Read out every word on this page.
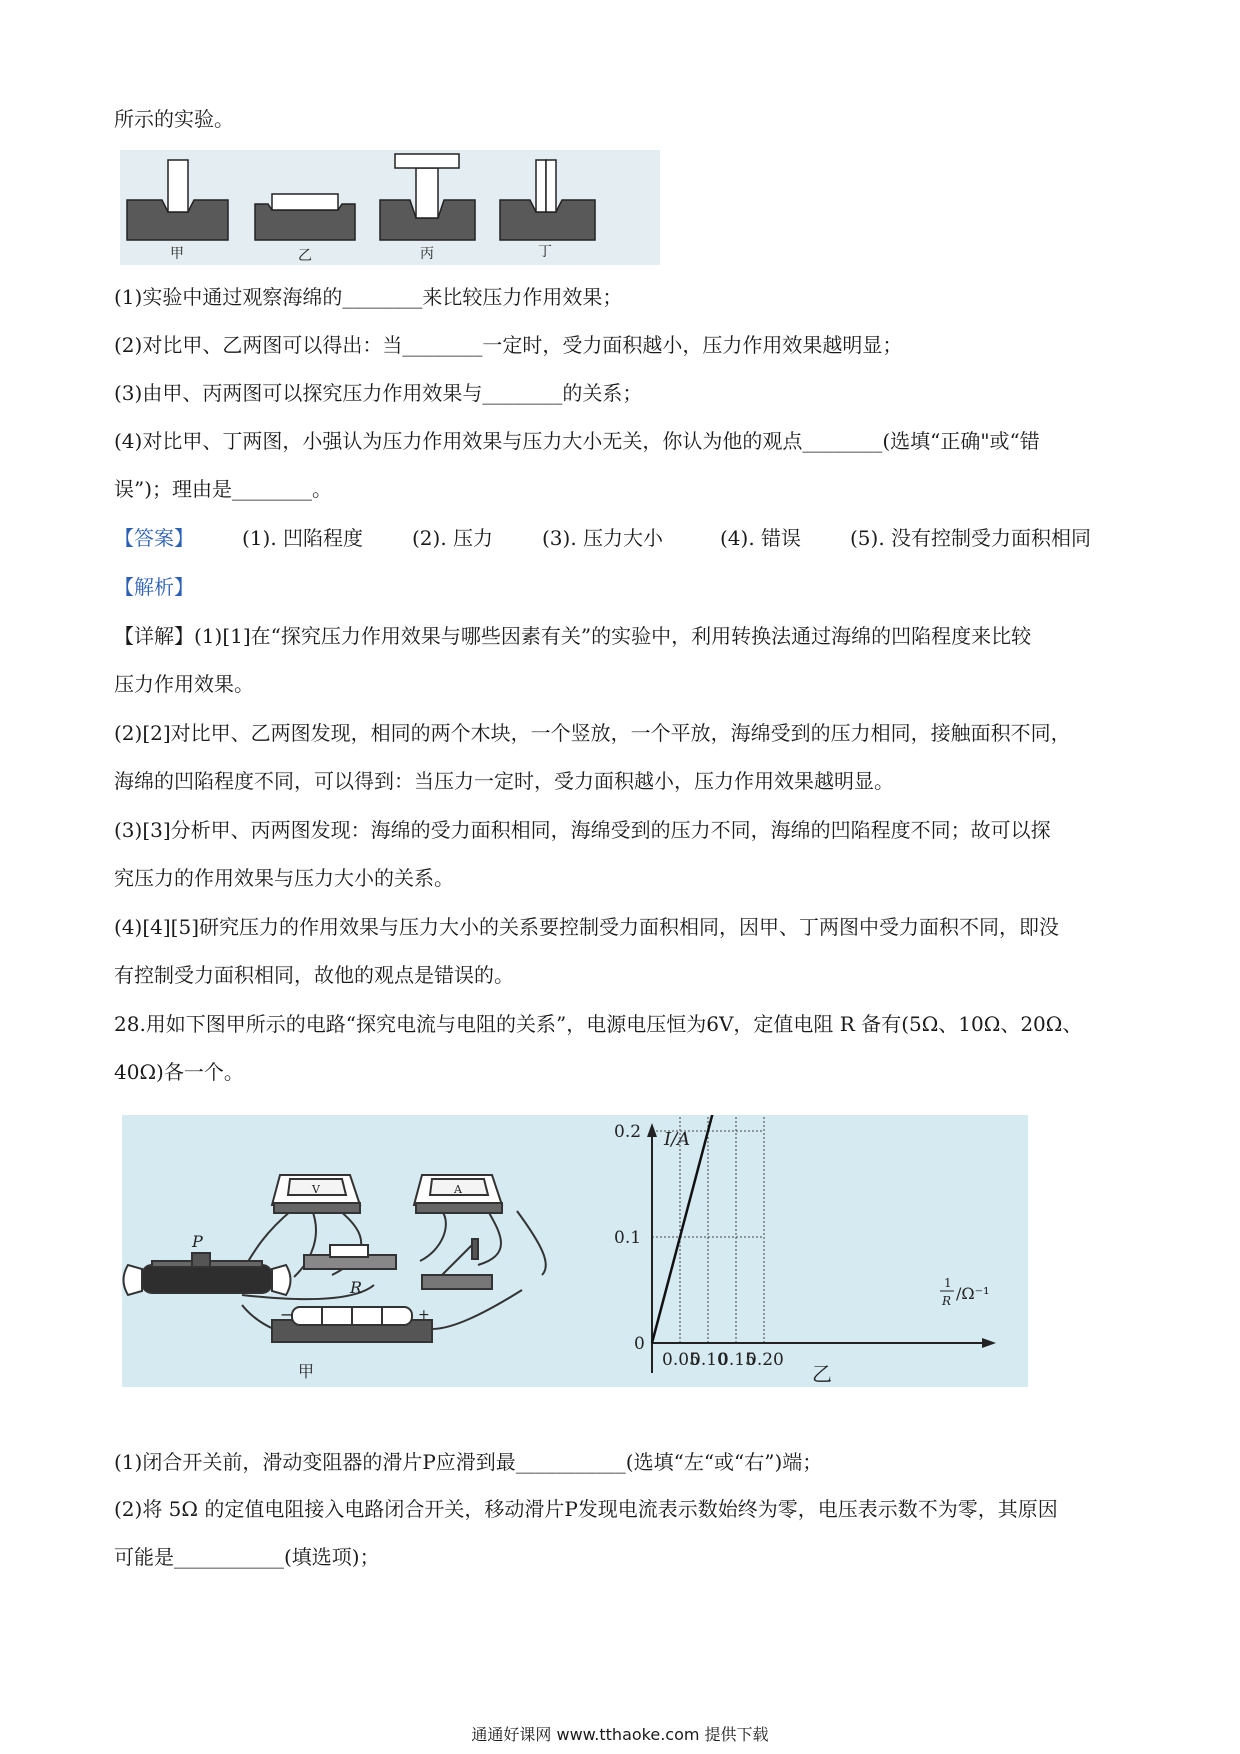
所示的实验。
甲	乙	丙	丁
(1)实验中通过观察海绵的________来比较压力作用效果；
(2)对比甲、乙两图可以得出：当________一定时，受力面积越小，压力作用效果越明显；
(3)由甲、丙两图可以探究压力作用效果与________的关系；
(4)对比甲、丁两图，小强认为压力作用效果与压力大小无关，你认为他的观点________(选填“正确"或“错
误”)；理由是________。
【答案】 (1). 凹陷程度 (2). 压力 (3). 压力大小	(4). 错误 (5). 没有控制受力面积相同
【解析】
【详解】(1)[1]在“探究压力作用效果与哪些因素有关”的实验中，利用转换法通过海绵的凹陷程度来比较
压力作用效果。
(2)[2]对比甲、乙两图发现，相同的两个木块，一个竖放，一个平放，海绵受到的压力相同，接触面积不同，
海绵的凹陷程度不同，可以得到：当压力一定时，受力面积越小，压力作用效果越明显。
(3)[3]分析甲、丙两图发现：海绵的受力面积相同，海绵受到的压力不同，海绵的凹陷程度不同；故可以探
究压力的作用效果与压力大小的关系。
(4)[4][5]研究压力的作用效果与压力大小的关系要控制受力面积相同，因甲、丁两图中受力面积不同，即没
有控制受力面积相同，故他的观点是错误的。
28.用如下图甲所示的电路“探究电流与电阻的关系”，电源电压恒为6V，定值电阻 R 备有(5Ω、10Ω、20Ω、
40Ω)各一个。
V	A
R
P
−	+
甲
0.05
0.10
0.15
0.20
0.1
0.2
0
I/A
1
R /Ω⁻¹
乙
(1)闭合开关前，滑动变阻器的滑片P应滑到最___________(选填“左“或“右”)端；
(2)将 5Ω 的定值电阻接入电路闭合开关，移动滑片P发现电流表示数始终为零，电压表示数不为零，其原因
可能是___________(填选项)；
通通好课网 www.tthaoke.com 提供下载
